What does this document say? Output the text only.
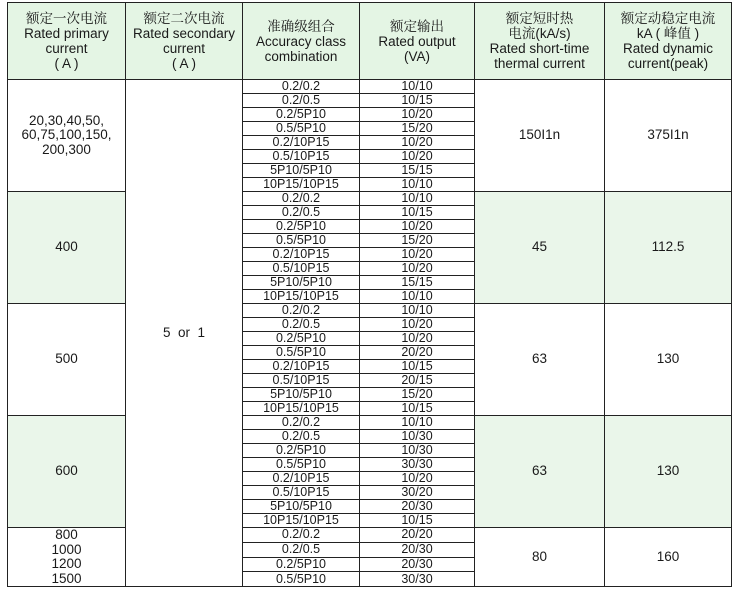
额定一次电流
Rated primary
current
( A )	额定二次电流
Rated secondary
current
( A )	准确级组合
Accuracy class
combination	额定输出
Rated output
(VA)	额定短时热
电流(kA/s)
Rated short-time
thermal current	额定动稳定电流
kA ( 峰值 )
Rated dynamic
current(peak)

20,30,40,50,
60,75,100,150,
200,300	5  or  1	0.2/0.2	10/10	150I1n	375I1n
		0.2/0.5	10/15		
		0.2/5P10	10/20		
		0.5/5P10	15/20		
		0.2/10P15	10/20		
		0.5/10P15	10/20		
		5P10/5P10	15/15		
		10P15/10P15	10/10		

400		0.2/0.2	10/10	45	112.5
		0.2/0.5	10/15		
		0.2/5P10	10/20		
		0.5/5P10	15/20		
		0.2/10P15	10/20		
		0.5/10P15	10/20		
		5P10/5P10	15/15		
		10P15/10P15	10/10		

500		0.2/0.2	10/10	63	130
		0.2/0.5	10/20		
		0.2/5P10	10/20		
		0.5/5P10	20/20		
		0.2/10P15	10/15		
		0.5/10P15	20/15		
		5P10/5P10	15/20		
		10P15/10P15	10/15		

600		0.2/0.2	10/10	63	130
		0.2/0.5	10/30		
		0.2/5P10	10/30		
		0.5/5P10	30/30		
		0.2/10P15	10/20		
		0.5/10P15	30/20		
		5P10/5P10	20/30		
		10P15/10P15	10/15		

800
1000
1200
1500		0.2/0.2	20/20	80	160
		0.2/0.5	20/30		
		0.2/5P10	20/30		
		0.5/5P10	30/30		
